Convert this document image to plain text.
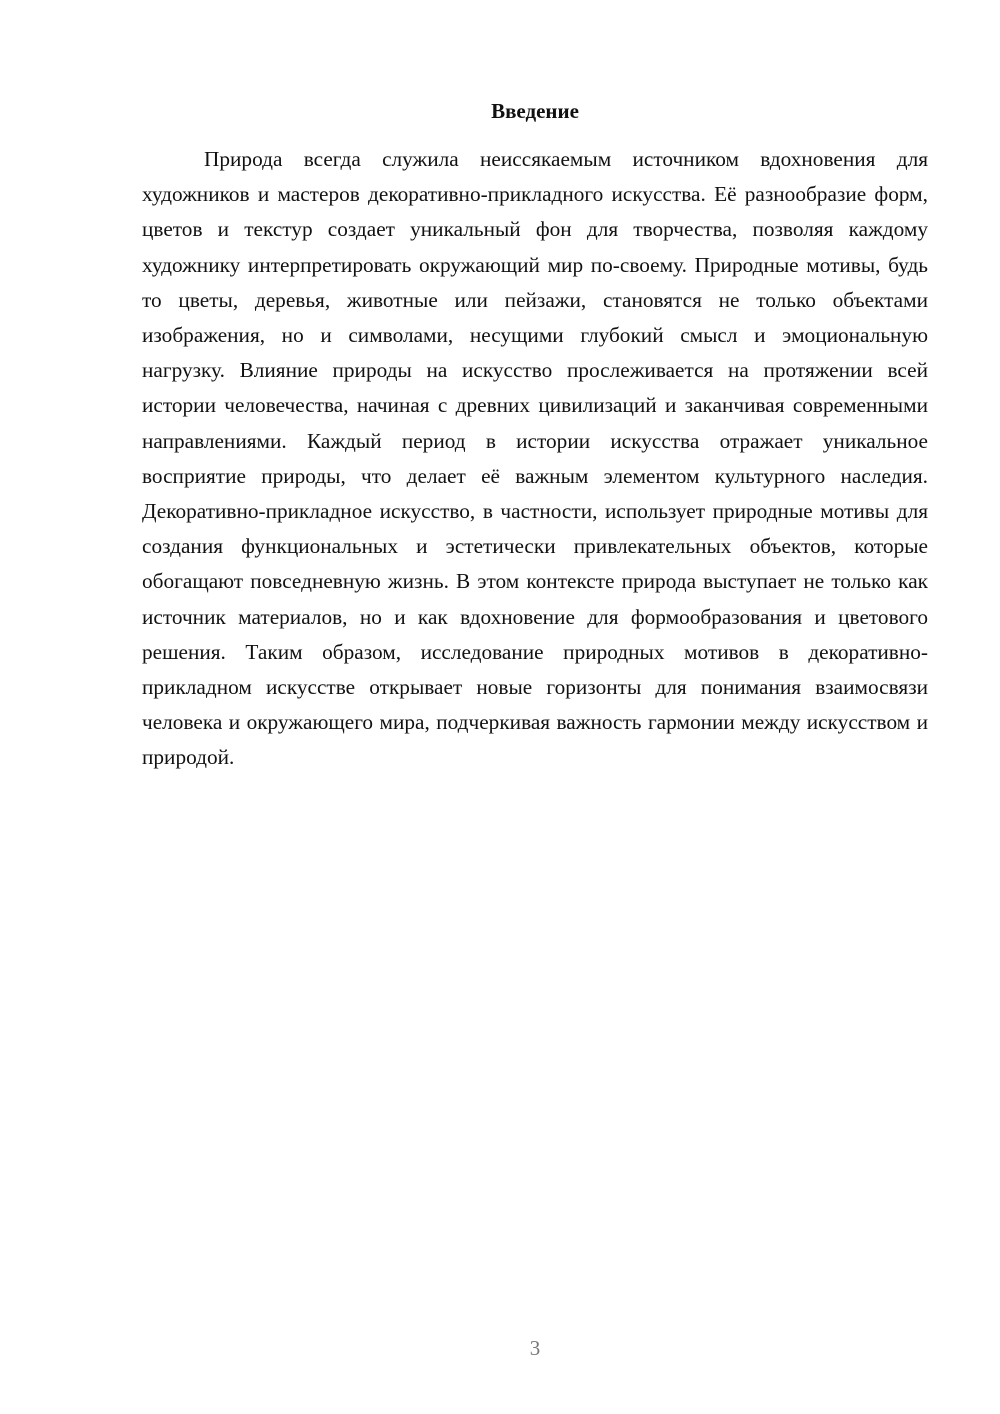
Введение

Природа всегда служила неиссякаемым источником вдохновения для художников и мастеров декоративно-прикладного искусства. Её разнообразие форм, цветов и текстур создает уникальный фон для творчества, позволяя каждому художнику интерпретировать окружающий мир по-своему. Природные мотивы, будь то цветы, деревья, животные или пейзажи, становятся не только объектами изображения, но и символами, несущими глубокий смысл и эмоциональную нагрузку. Влияние природы на искусство прослеживается на протяжении всей истории человечества, начиная с древних цивилизаций и заканчивая современными направлениями. Каждый период в истории искусства отражает уникальное восприятие природы, что делает её важным элементом культурного наследия. Декоративно-прикладное искусство, в частности, использует природные мотивы для создания функциональных и эстетически привлекательных объектов, которые обогащают повседневную жизнь. В этом контексте природа выступает не только как источник материалов, но и как вдохновение для формообразования и цветового решения. Таким образом, исследование природных мотивов в декоративно-прикладном искусстве открывает новые горизонты для понимания взаимосвязи человека и окружающего мира, подчеркивая важность гармонии между искусством и природой.

3
